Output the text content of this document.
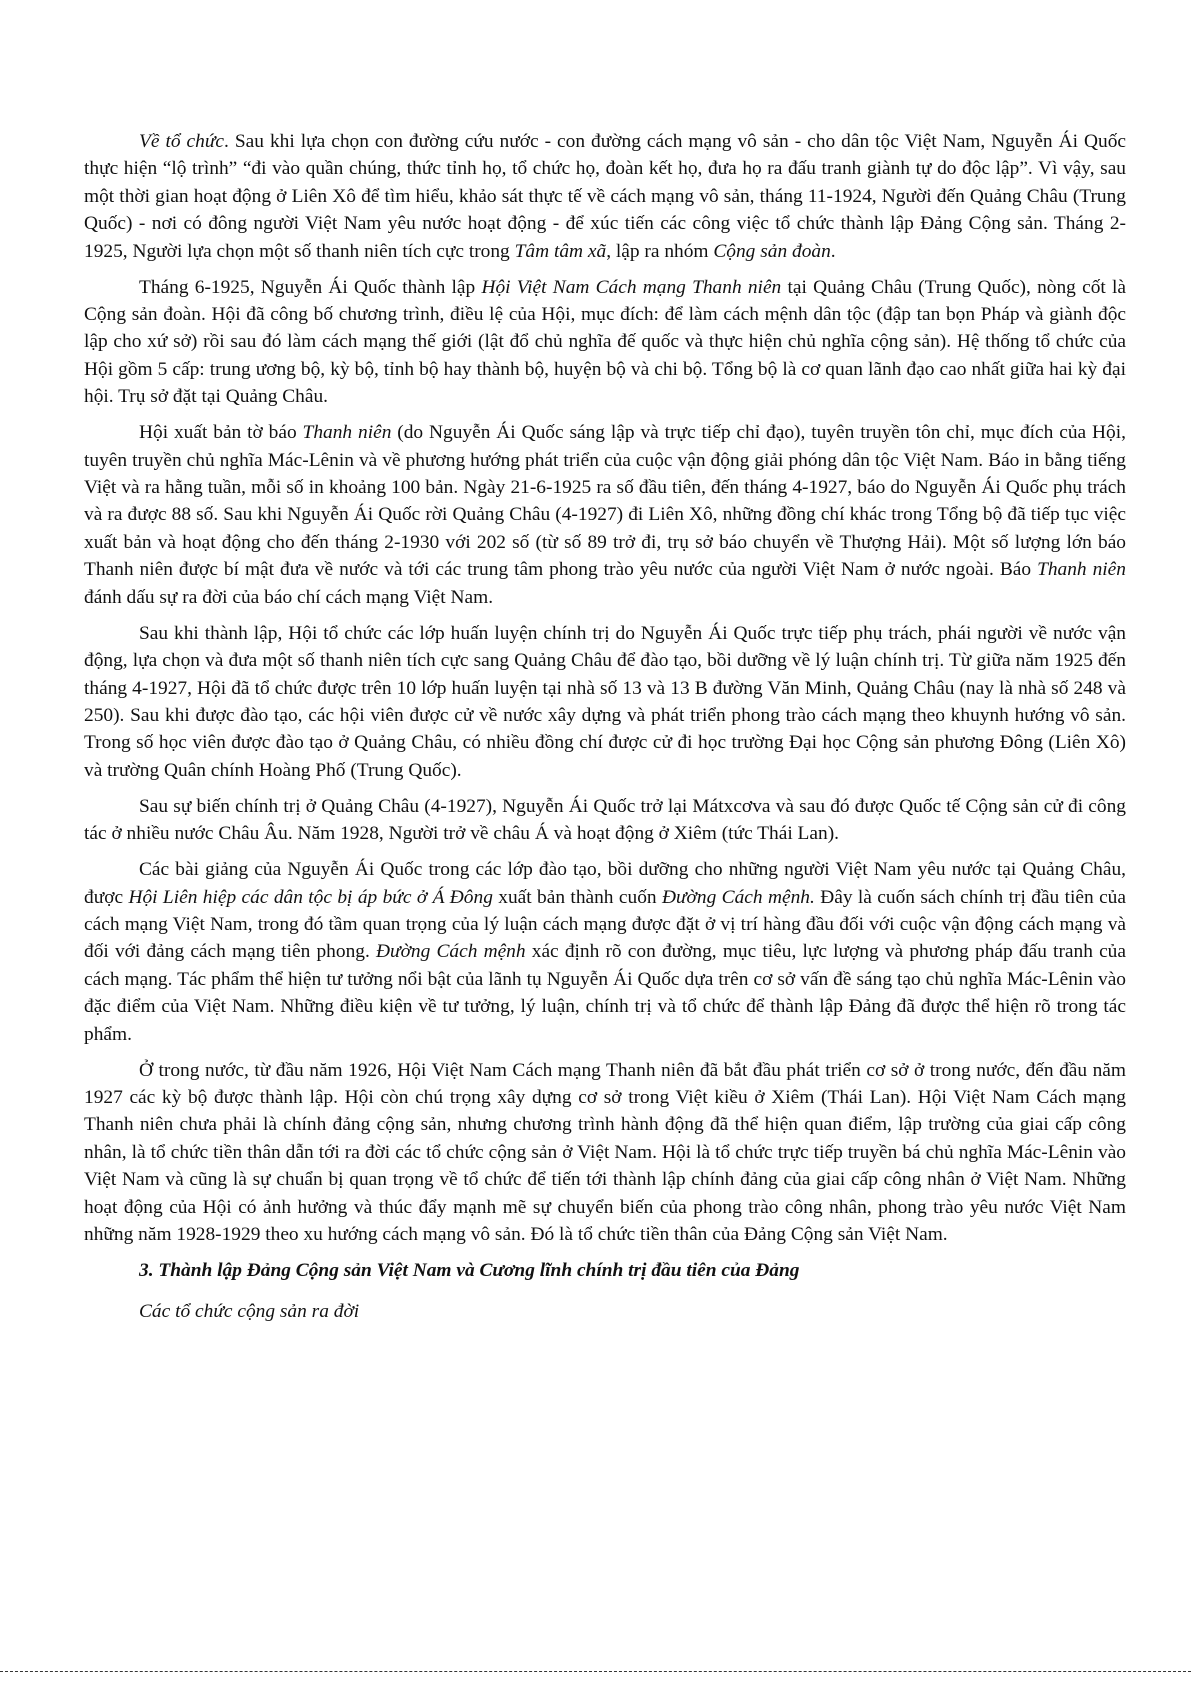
Về tổ chức. Sau khi lựa chọn con đường cứu nước - con đường cách mạng vô sản - cho dân tộc Việt Nam, Nguyễn Ái Quốc thực hiện “lộ trình” “đi vào quần chúng, thức tỉnh họ, tổ chức họ, đoàn kết họ, đưa họ ra đấu tranh giành tự do độc lập”. Vì vậy, sau một thời gian hoạt động ở Liên Xô để tìm hiểu, khảo sát thực tế về cách mạng vô sản, tháng 11-1924, Người đến Quảng Châu (Trung Quốc) - nơi có đông người Việt Nam yêu nước hoạt động - để xúc tiến các công việc tổ chức thành lập Đảng Cộng sản. Tháng 2-1925, Người lựa chọn một số thanh niên tích cực trong Tâm tâm xã, lập ra nhóm Cộng sản đoàn.

Tháng 6-1925, Nguyễn Ái Quốc thành lập Hội Việt Nam Cách mạng Thanh niên tại Quảng Châu (Trung Quốc), nòng cốt là Cộng sản đoàn. Hội đã công bố chương trình, điều lệ của Hội, mục đích: để làm cách mệnh dân tộc (đập tan bọn Pháp và giành độc lập cho xứ sở) rồi sau đó làm cách mạng thế giới (lật đổ chủ nghĩa đế quốc và thực hiện chủ nghĩa cộng sản). Hệ thống tổ chức của Hội gồm 5 cấp: trung ương bộ, kỳ bộ, tỉnh bộ hay thành bộ, huyện bộ và chi bộ. Tổng bộ là cơ quan lãnh đạo cao nhất giữa hai kỳ đại hội. Trụ sở đặt tại Quảng Châu.

Hội xuất bản tờ báo Thanh niên (do Nguyễn Ái Quốc sáng lập và trực tiếp chỉ đạo), tuyên truyền tôn chỉ, mục đích của Hội, tuyên truyền chủ nghĩa Mác-Lênin và về phương hướng phát triển của cuộc vận động giải phóng dân tộc Việt Nam. Báo in bằng tiếng Việt và ra hằng tuần, mỗi số in khoảng 100 bản. Ngày 21-6-1925 ra số đầu tiên, đến tháng 4-1927, báo do Nguyễn Ái Quốc phụ trách và ra được 88 số. Sau khi Nguyễn Ái Quốc rời Quảng Châu (4-1927) đi Liên Xô, những đồng chí khác trong Tổng bộ đã tiếp tục việc xuất bản và hoạt động cho đến tháng 2-1930 với 202 số (từ số 89 trở đi, trụ sở báo chuyển về Thượng Hải). Một số lượng lớn báo Thanh niên được bí mật đưa về nước và tới các trung tâm phong trào yêu nước của người Việt Nam ở nước ngoài. Báo Thanh niên đánh dấu sự ra đời của báo chí cách mạng Việt Nam.

Sau khi thành lập, Hội tổ chức các lớp huấn luyện chính trị do Nguyễn Ái Quốc trực tiếp phụ trách, phái người về nước vận động, lựa chọn và đưa một số thanh niên tích cực sang Quảng Châu để đào tạo, bồi dưỡng về lý luận chính trị. Từ giữa năm 1925 đến tháng 4-1927, Hội đã tổ chức được trên 10 lớp huấn luyện tại nhà số 13 và 13 B đường Văn Minh, Quảng Châu (nay là nhà số 248 và 250). Sau khi được đào tạo, các hội viên được cử về nước xây dựng và phát triển phong trào cách mạng theo khuynh hướng vô sản. Trong số học viên được đào tạo ở Quảng Châu, có nhiều đồng chí được cử đi học trường Đại học Cộng sản phương Đông (Liên Xô) và trường Quân chính Hoàng Phố (Trung Quốc).

Sau sự biến chính trị ở Quảng Châu (4-1927), Nguyễn Ái Quốc trở lại Mátxcơva và sau đó được Quốc tế Cộng sản cử đi công tác ở nhiều nước Châu Âu. Năm 1928, Người trở về châu Á và hoạt động ở Xiêm (tức Thái Lan).

Các bài giảng của Nguyễn Ái Quốc trong các lớp đào tạo, bồi dưỡng cho những người Việt Nam yêu nước tại Quảng Châu, được Hội Liên hiệp các dân tộc bị áp bức ở Á Đông xuất bản thành cuốn Đường Cách mệnh. Đây là cuốn sách chính trị đầu tiên của cách mạng Việt Nam, trong đó tầm quan trọng của lý luận cách mạng được đặt ở vị trí hàng đầu đối với cuộc vận động cách mạng và đối với đảng cách mạng tiên phong. Đường Cách mệnh xác định rõ con đường, mục tiêu, lực lượng và phương pháp đấu tranh của cách mạng. Tác phẩm thể hiện tư tưởng nổi bật của lãnh tụ Nguyễn Ái Quốc dựa trên cơ sở vấn đề sáng tạo chủ nghĩa Mác-Lênin vào đặc điểm của Việt Nam. Những điều kiện về tư tưởng, lý luận, chính trị và tổ chức để thành lập Đảng đã được thể hiện rõ trong tác phẩm.

Ở trong nước, từ đầu năm 1926, Hội Việt Nam Cách mạng Thanh niên đã bắt đầu phát triển cơ sở ở trong nước, đến đầu năm 1927 các kỳ bộ được thành lập. Hội còn chú trọng xây dựng cơ sở trong Việt kiều ở Xiêm (Thái Lan). Hội Việt Nam Cách mạng Thanh niên chưa phải là chính đảng cộng sản, nhưng chương trình hành động đã thể hiện quan điểm, lập trường của giai cấp công nhân, là tổ chức tiền thân dẫn tới ra đời các tổ chức cộng sản ở Việt Nam. Hội là tổ chức trực tiếp truyền bá chủ nghĩa Mác-Lênin vào Việt Nam và cũng là sự chuẩn bị quan trọng về tổ chức để tiến tới thành lập chính đảng của giai cấp công nhân ở Việt Nam. Những hoạt động của Hội có ảnh hưởng và thúc đẩy mạnh mẽ sự chuyển biến của phong trào công nhân, phong trào yêu nước Việt Nam những năm 1928-1929 theo xu hướng cách mạng vô sản. Đó là tổ chức tiền thân của Đảng Cộng sản Việt Nam.

3. Thành lập Đảng Cộng sản Việt Nam và Cương lĩnh chính trị đầu tiên của Đảng

Các tổ chức cộng sản ra đời
